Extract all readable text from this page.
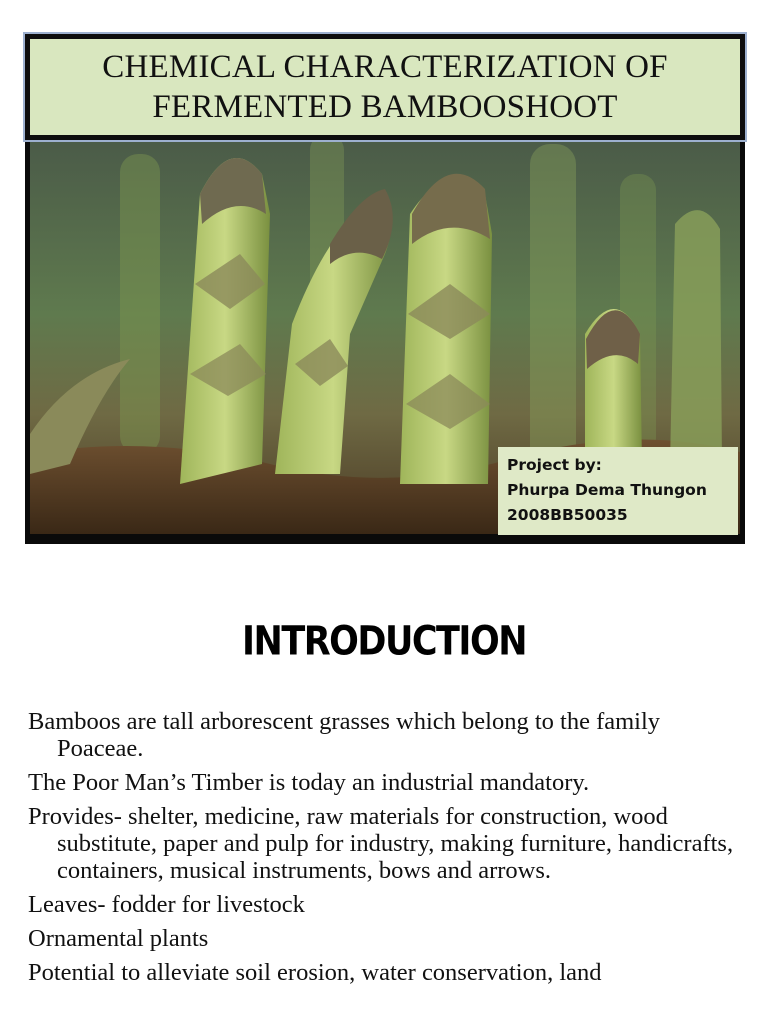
CHEMICAL CHARACTERIZATION OF
FERMENTED BAMBOOSHOOT
Project by:
Phurpa Dema Thungon
2008BB50035
INTRODUCTION
Bamboos are tall arborescent grasses which belong to the family Poaceae.
The Poor Man’s Timber is today an industrial mandatory.
Provides- shelter, medicine, raw materials for construction, wood substitute, paper and pulp for industry, making furniture, handicrafts, containers, musical instruments, bows and arrows.
Leaves- fodder for livestock
Ornamental plants
Potential to alleviate soil erosion, water conservation, land
